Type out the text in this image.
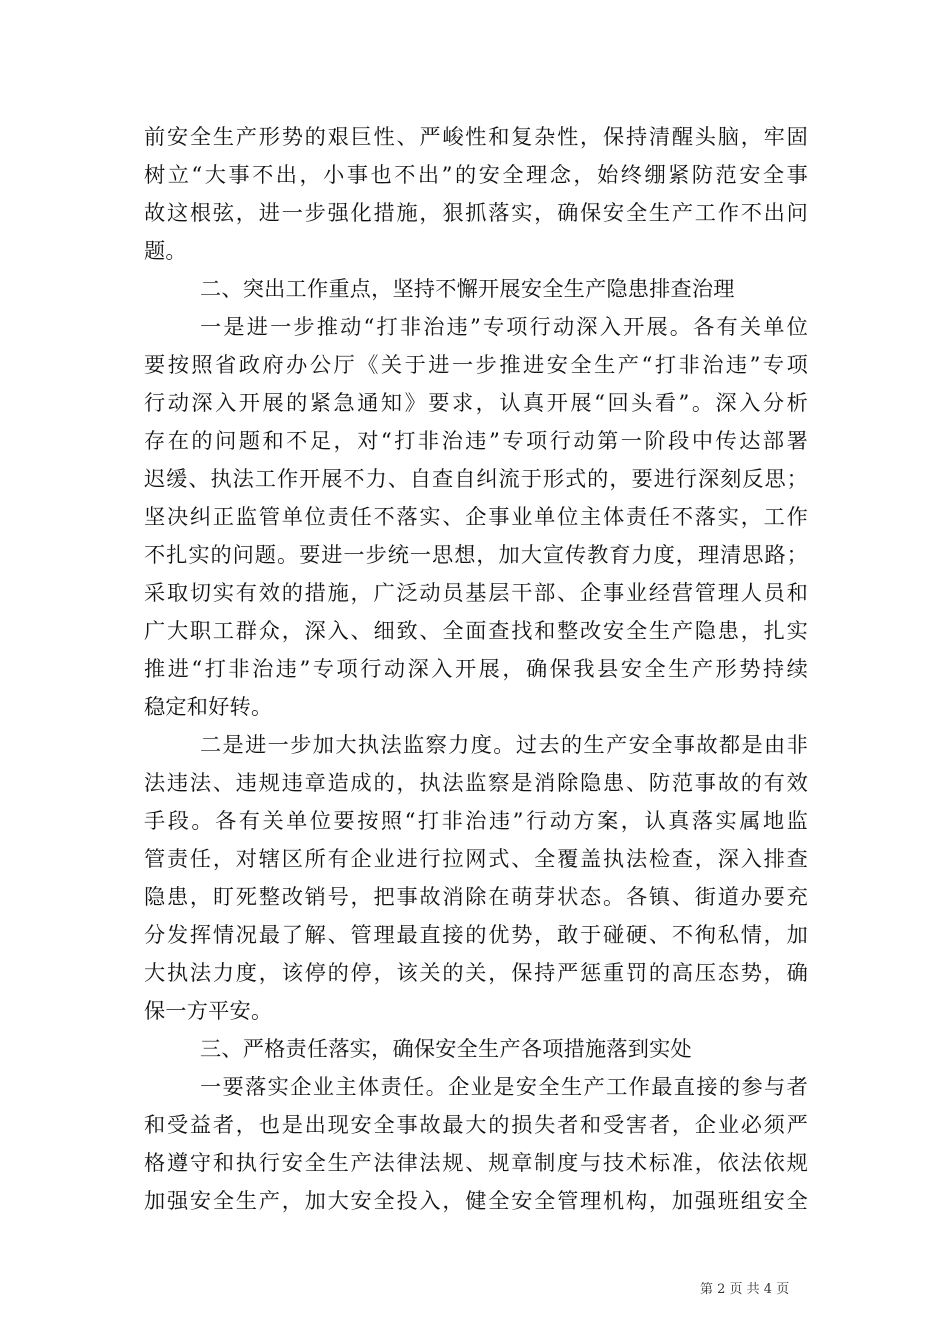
前安全生产形势的艰巨性、严峻性和复杂性，保持清醒头脑，牢固
树立“大事不出，小事也不出”的安全理念，始终绷紧防范安全事
故这根弦，进一步强化措施，狠抓落实，确保安全生产工作不出问
题。
二、突出工作重点，坚持不懈开展安全生产隐患排查治理
一是进一步推动“打非治违”专项行动深入开展。各有关单位
要按照省政府办公厅《关于进一步推进安全生产“打非治违”专项
行动深入开展的紧急通知》要求，认真开展“回头看”。深入分析
存在的问题和不足，对“打非治违”专项行动第一阶段中传达部署
迟缓、执法工作开展不力、自查自纠流于形式的，要进行深刻反思；
坚决纠正监管单位责任不落实、企事业单位主体责任不落实，工作
不扎实的问题。要进一步统一思想，加大宣传教育力度，理清思路；
采取切实有效的措施，广泛动员基层干部、企事业经营管理人员和
广大职工群众，深入、细致、全面查找和整改安全生产隐患，扎实
推进“打非治违”专项行动深入开展，确保我县安全生产形势持续
稳定和好转。
二是进一步加大执法监察力度。过去的生产安全事故都是由非
法违法、违规违章造成的，执法监察是消除隐患、防范事故的有效
手段。各有关单位要按照“打非治违”行动方案，认真落实属地监
管责任，对辖区所有企业进行拉网式、全覆盖执法检查，深入排查
隐患，盯死整改销号，把事故消除在萌芽状态。各镇、街道办要充
分发挥情况最了解、管理最直接的优势，敢于碰硬、不徇私情，加
大执法力度，该停的停，该关的关，保持严惩重罚的高压态势，确
保一方平安。
三、严格责任落实，确保安全生产各项措施落到实处
一要落实企业主体责任。企业是安全生产工作最直接的参与者
和受益者，也是出现安全事故最大的损失者和受害者，企业必须严
格遵守和执行安全生产法律法规、规章制度与技术标准，依法依规
加强安全生产，加大安全投入，健全安全管理机构，加强班组安全
第 2 页 共 4 页
